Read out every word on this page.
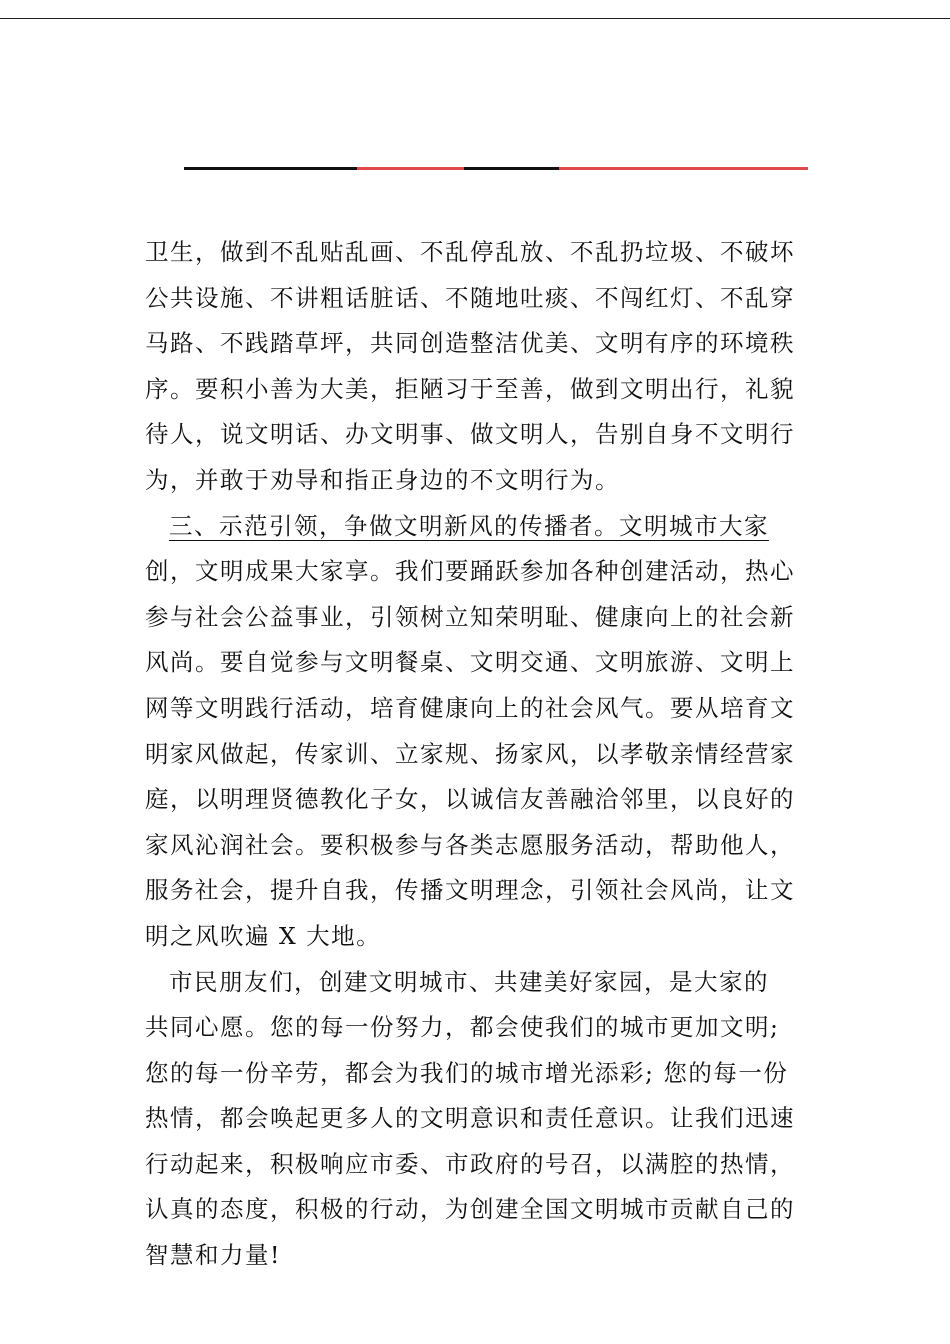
卫生，做到不乱贴乱画、不乱停乱放、不乱扔垃圾、不破坏
公共设施、不讲粗话脏话、不随地吐痰、不闯红灯、不乱穿
马路、不践踏草坪，共同创造整洁优美、文明有序的环境秩
序。要积小善为大美，拒陋习于至善，做到文明出行，礼貌
待人，说文明话、办文明事、做文明人，告别自身不文明行
为，并敢于劝导和指正身边的不文明行为。
三、示范引领，争做文明新风的传播者。文明城市大家
创，文明成果大家享。我们要踊跃参加各种创建活动，热心
参与社会公益事业，引领树立知荣明耻、健康向上的社会新
风尚。要自觉参与文明餐桌、文明交通、文明旅游、文明上
网等文明践行活动，培育健康向上的社会风气。要从培育文
明家风做起，传家训、立家规、扬家风，以孝敬亲情经营家
庭，以明理贤德教化子女，以诚信友善融洽邻里，以良好的
家风沁润社会。要积极参与各类志愿服务活动，帮助他人，
服务社会，提升自我，传播文明理念，引领社会风尚，让文
明之风吹遍 X 大地。
市民朋友们，创建文明城市、共建美好家园，是大家的
共同心愿。您的每一份努力，都会使我们的城市更加文明;
您的每一份辛劳，都会为我们的城市增光添彩; 您的每一份
热情，都会唤起更多人的文明意识和责任意识。让我们迅速
行动起来，积极响应市委、市政府的号召，以满腔的热情，
认真的态度，积极的行动，为创建全国文明城市贡献自己的
智慧和力量!
